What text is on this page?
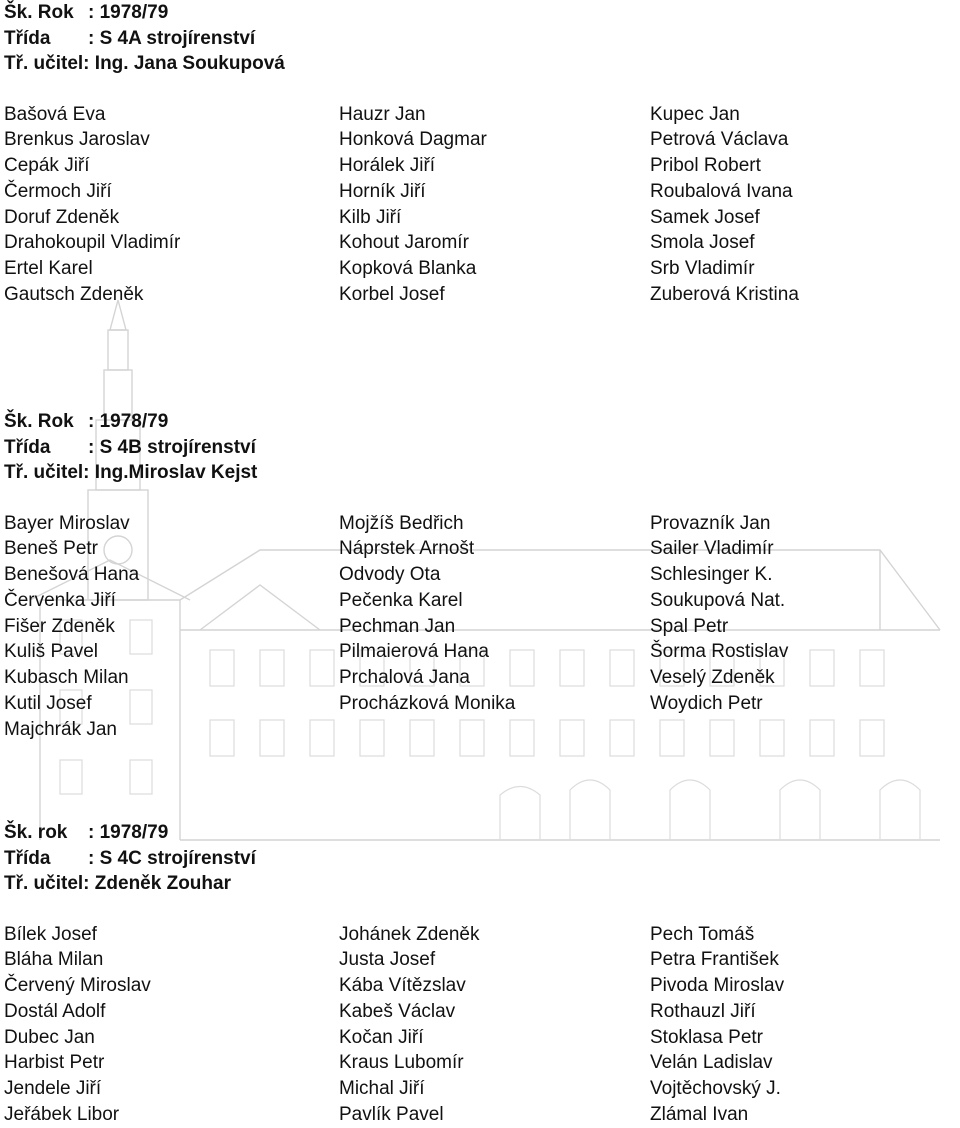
Šk. Rok : 1978/79
Třída : S 4A strojírenství
Tř. učitel: Ing. Jana Soukupová
Bašová Eva
Brenkus Jaroslav
Cepák Jiří
Čermoch Jiří
Doruf Zdeněk
Drahokoupil Vladimír
Ertel Karel
Gautsch Zdeněk
Hauzr Jan
Honková Dagmar
Horálek Jiří
Horník Jiří
Kilb Jiří
Kohout Jaromír
Kopková Blanka
Korbel Josef
Kupec Jan
Petrová Václava
Pribol Robert
Roubalová Ivana
Samek Josef
Smola Josef
Srb Vladimír
Zuberová Kristina
Šk. Rok : 1978/79
Třída : S 4B strojírenství
Tř. učitel: Ing.Miroslav Kejst
Bayer Miroslav
Beneš Petr
Benešová Hana
Červenka Jiří
Fišer Zdeněk
Kuliš Pavel
Kubasch Milan
Kutil Josef
Majchrák Jan
Mojžíš Bedřich
Náprstek Arnošt
Odvody Ota
Pečenka Karel
Pechman Jan
Pilmaierová Hana
Prchalová Jana
Procházková Monika
Provazník Jan
Sailer Vladimír
Schlesinger K.
Soukupová Nat.
Spal Petr
Šorma Rostislav
Veselý Zdeněk
Woydich Petr
Šk. rok : 1978/79
Třída : S 4C strojírenství
Tř. učitel: Zdeněk Zouhar
Bílek Josef
Bláha Milan
Červený Miroslav
Dostál Adolf
Dubec Jan
Harbist Petr
Jendele Jiří
Jeřábek Libor
Johánek Zdeněk
Justa Josef
Kába Vítězslav
Kabeš Václav
Kočan Jiří
Kraus Lubomír
Michal Jiří
Pavlík Pavel
Pech Tomáš
Petra František
Pivoda Miroslav
Rothauzl Jiří
Stoklasa Petr
Velán Ladislav
Vojtěchovský J.
Zlámal Ivan
